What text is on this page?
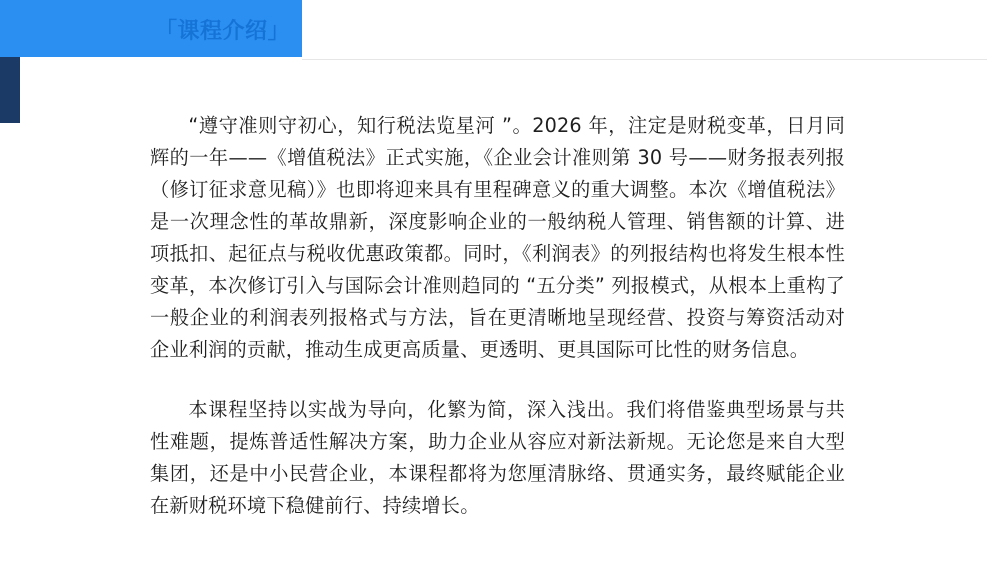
「课程介绍」

“遵守准则守初心，知行税法览星河 ”。2026 年，注定是财税变革，日月同辉的一年——《增值税法》正式实施，《企业会计准则第 30 号——财务报表列报（修订征求意见稿）》也即将迎来具有里程碑意义的重大调整。本次《增值税法》是一次理念性的革故鼎新，深度影响企业的一般纳税人管理、销售额的计算、进项抵扣、起征点与税收优惠政策都。同时，《利润表》的列报结构也将发生根本性变革，本次修订引入与国际会计准则趋同的 “五分类” 列报模式，从根本上重构了一般企业的利润表列报格式与方法，旨在更清晰地呈现经营、投资与筹资活动对企业利润的贡献，推动生成更高质量、更透明、更具国际可比性的财务信息。

本课程坚持以实战为导向，化繁为简，深入浅出。我们将借鉴典型场景与共性难题，提炼普适性解决方案，助力企业从容应对新法新规。无论您是来自大型集团，还是中小民营企业，本课程都将为您厘清脉络、贯通实务，最终赋能企业在新财税环境下稳健前行、持续增长。
